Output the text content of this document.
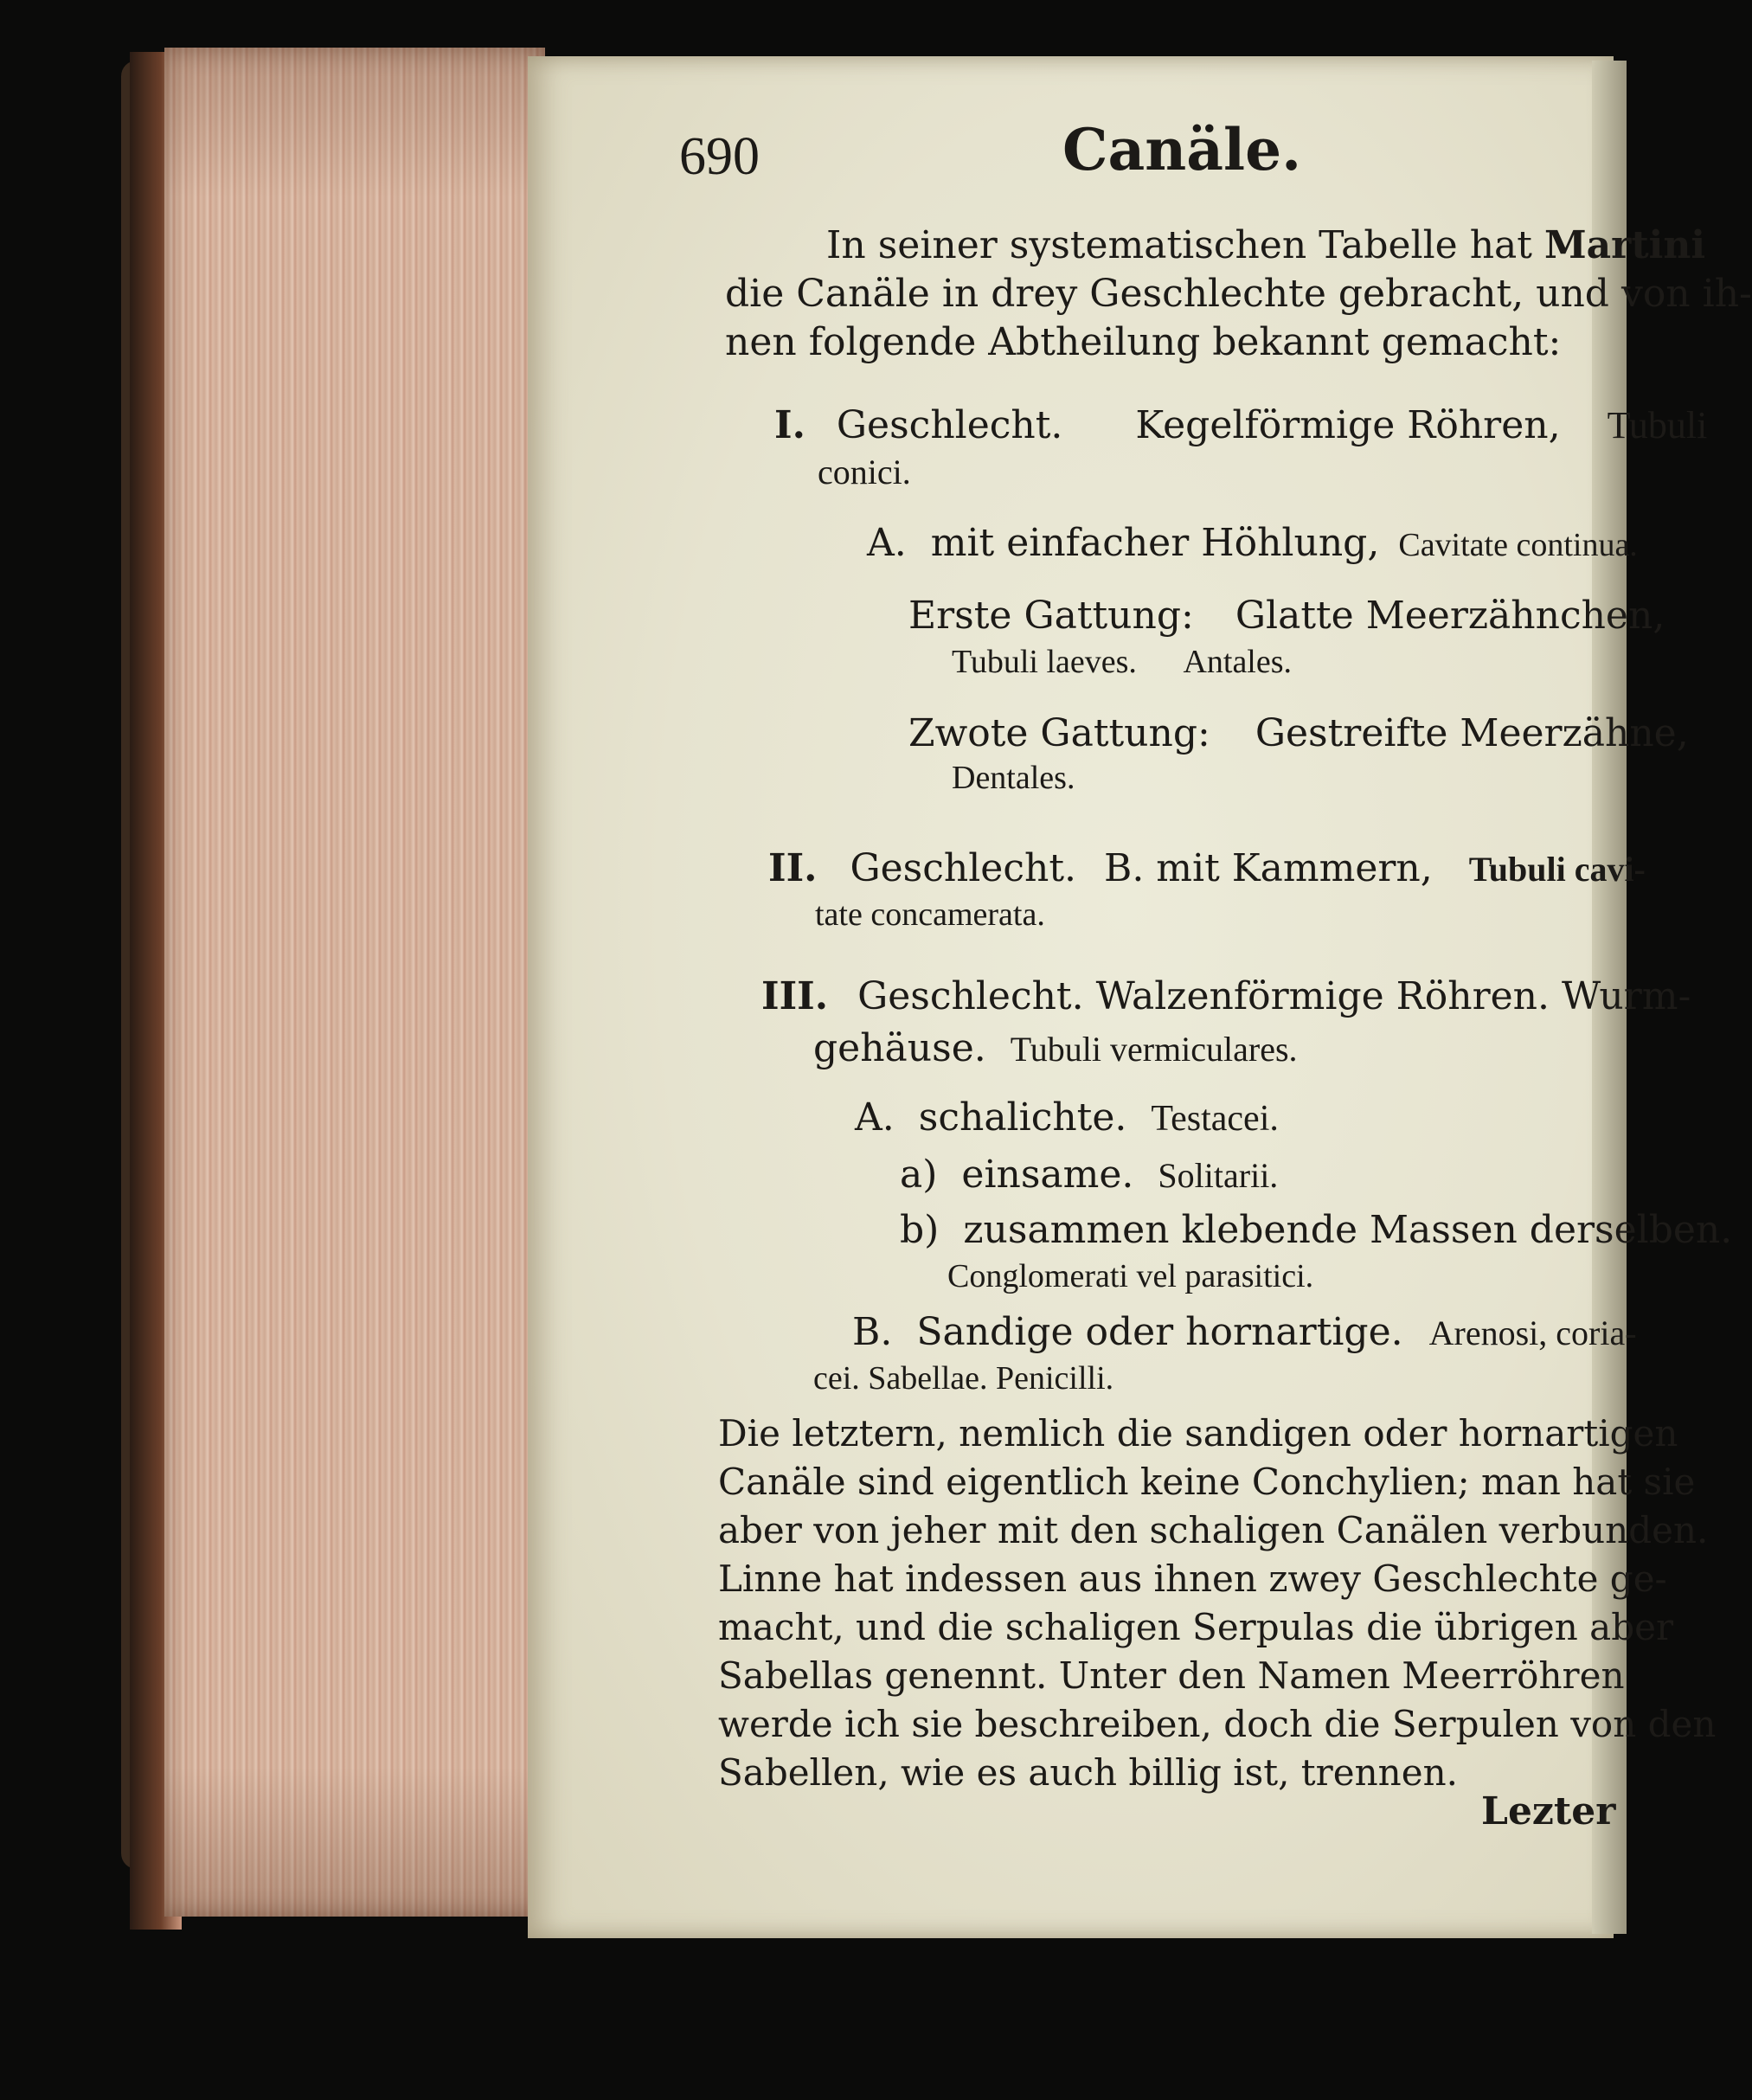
690	Canäle.
In seiner systematischen Tabelle hat Martini
die Canäle in drey Geschlechte gebracht, und von ih-
nen folgende Abtheilung bekannt gemacht:
I. Geschlecht. Kegelförmige Röhren, Tubuli
conici.
A. mit einfacher Höhlung, Cavitate continua.
Erste Gattung: Glatte Meerzähnchen,
Tubuli laeves. Antales.
Zwote Gattung: Gestreifte Meerzähne,
Dentales.
II. Geschlecht. B. mit Kammern, Tubuli cavi-
tate concamerata.
III. Geschlecht. Walzenförmige Röhren. Wurm-
gehäuse. Tubuli vermiculares.
A. schalichte. Testacei.
a) einsame. Solitarii.
b) zusammen klebende Massen derselben.
Conglomerati vel parasitici.
B. Sandige oder hornartige. Arenosi, coria-
cei. Sabellae. Penicilli.
Die letztern, nemlich die sandigen oder hornartigen
Canäle sind eigentlich keine Conchylien; man hat sie
aber von jeher mit den schaligen Canälen verbunden.
Linne hat indessen aus ihnen zwey Geschlechte ge-
macht, und die schaligen Serpulas die übrigen aber
Sabellas genennt. Unter den Namen Meerröhren
werde ich sie beschreiben, doch die Serpulen von den
Sabellen, wie es auch billig ist, trennen.
Lezter
